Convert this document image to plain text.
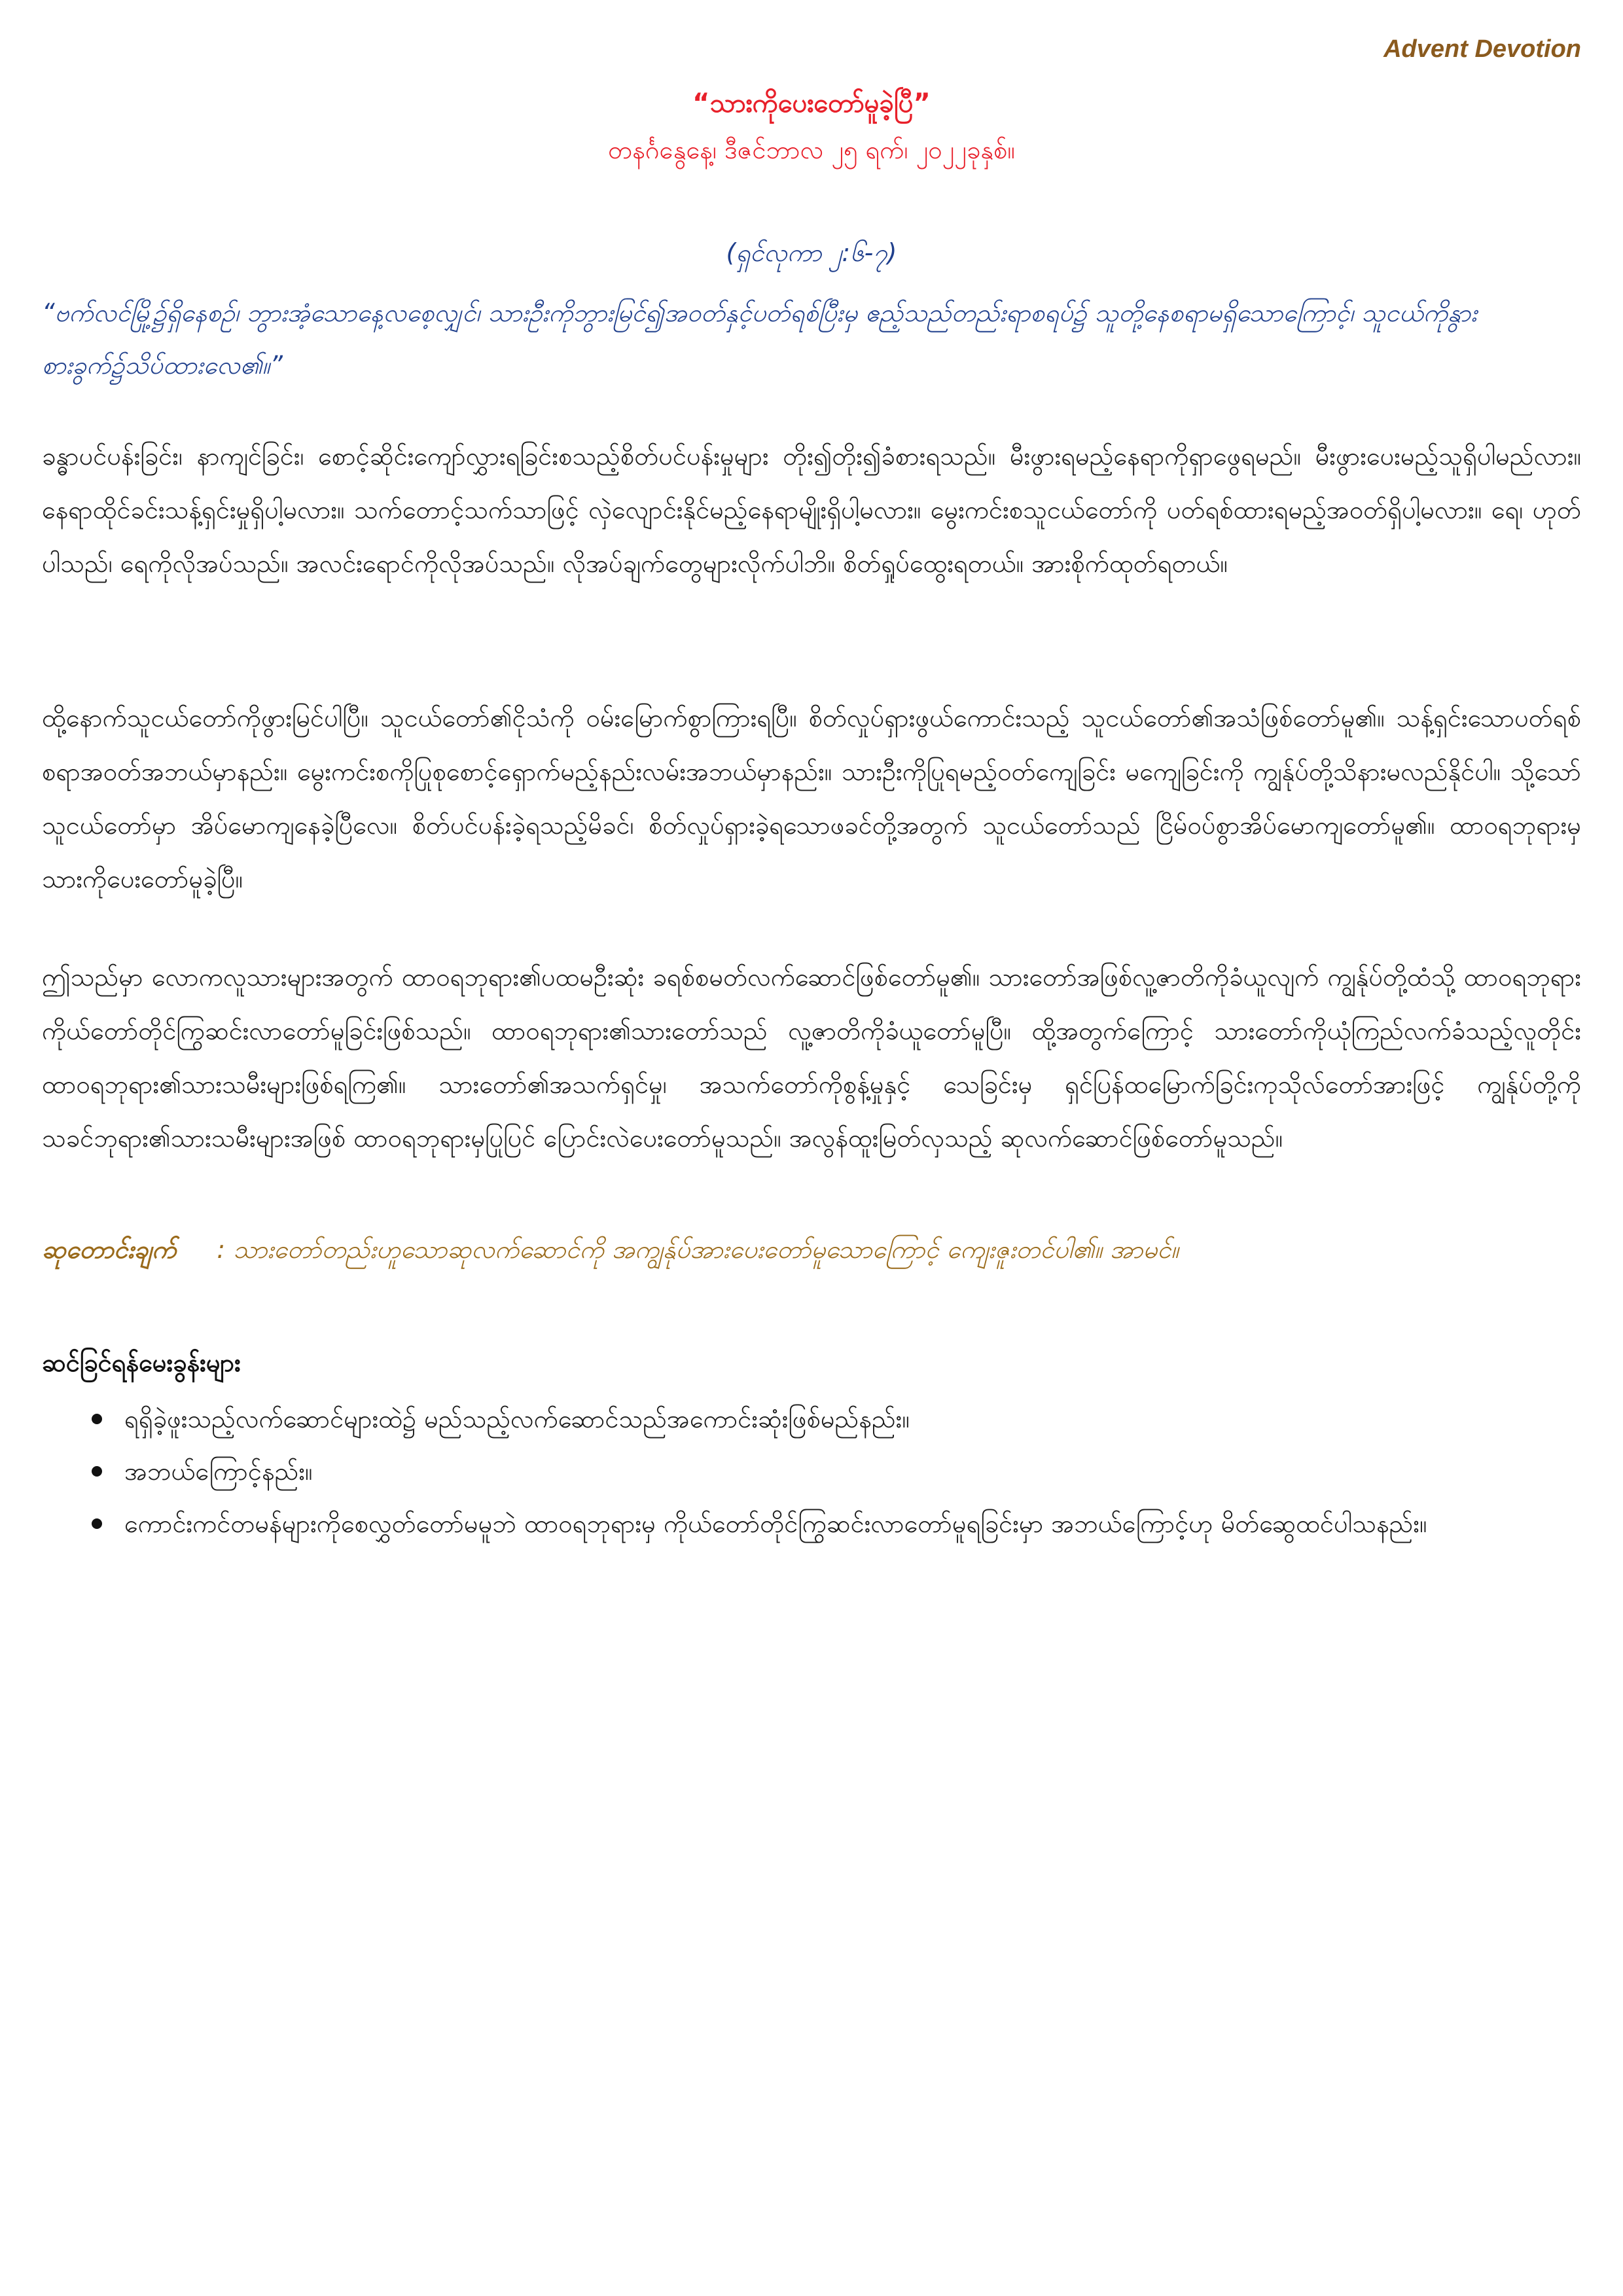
Advent Devotion
“သားကိုပေးတော်မူခဲ့ပြီ”
တနင်္ဂနွေနေ့၊ ဒီဇင်ဘာလ ၂၅ ရက်၊ ၂၀၂၂ခုနှစ်။
(ရှင်လုကာ ၂:၆-၇)
“ဗက်လင်မြို့၌ရှိနေစဉ်၊ ဘွားအံ့သောနေ့လစေ့လျှင်၊ သားဦးကိုဘွားမြင်၍အဝတ်နှင့်ပတ်ရစ်ပြီးမှ ဧည့်သည်တည်းရာစရပ်၌ သူတို့နေစရာမရှိသောကြောင့်၊ သူငယ်ကိုနွားစားခွက်၌သိပ်ထားလေ၏။”
ခန္ဓာပင်ပန်းခြင်း၊ နာကျင်ခြင်း၊ စောင့်ဆိုင်းကျော်လွှားရခြင်းစသည့်စိတ်ပင်ပန်းမှုများ တိုး၍တိုး၍ခံစားရသည်။ မီးဖွားရမည့်နေရာကိုရှာဖွေရမည်။ မီးဖွားပေးမည့်သူရှိပါမည်လား။ နေရာထိုင်ခင်းသန့်ရှင်းမှုရှိပါ့မလား။ သက်တောင့်သက်သာဖြင့် လှဲလျောင်းနိုင်မည့်နေရာမျိုးရှိပါ့မလား။ မွေးကင်းစသူငယ်တော်ကို ပတ်ရစ်ထားရမည့်အဝတ်ရှိပါ့မလား။ ရေ၊ ဟုတ်ပါသည်၊ ရေကိုလိုအပ်သည်။ အလင်းရောင်ကိုလိုအပ်သည်။ လိုအပ်ချက်တွေများလိုက်ပါဘိ။ စိတ်ရှုပ်ထွေးရတယ်။ အားစိုက်ထုတ်ရတယ်။
ထို့နောက်သူငယ်တော်ကိုဖွားမြင်ပါပြီ။ သူငယ်တော်၏ငိုသံကို ဝမ်းမြောက်စွာကြားရပြီ။ စိတ်လှုပ်ရှားဖွယ်ကောင်းသည့် သူငယ်တော်၏အသံဖြစ်တော်မူ၏။ သန့်ရှင်းသောပတ်ရစ်စရာအဝတ်အဘယ်မှာနည်း။ မွေးကင်းစကိုပြုစုစောင့်ရှောက်မည့်နည်းလမ်းအဘယ်မှာနည်း။ သားဦးကိုပြုရမည့်ဝတ်ကျေခြင်း မကျေခြင်းကို ကျွန်ုပ်တို့သိနားမလည်နိုင်ပါ။ သို့သော် သူငယ်တော်မှာ အိပ်မောကျနေခဲ့ပြီလေ။ စိတ်ပင်ပန်းခဲ့ရသည့်မိခင်၊ စိတ်လှုပ်ရှားခဲ့ရသောဖခင်တို့အတွက် သူငယ်တော်သည် ငြိမ်ဝပ်စွာအိပ်မောကျတော်မူ၏။ ထာဝရဘုရားမှ သားကိုပေးတော်မူခဲ့ပြီ။
ဤသည်မှာ လောကလူသားများအတွက် ထာဝရဘုရား၏ပထမဦးဆုံး ခရစ်စမတ်လက်ဆောင်ဖြစ်တော်မူ၏။ သားတော်အဖြစ်လူ့ဇာတိကိုခံယူလျက် ကျွန်ုပ်တို့ထံသို့ ထာဝရဘုရားကိုယ်တော်တိုင်ကြွဆင်းလာတော်မူခြင်းဖြစ်သည်။ ထာဝရဘုရား၏သားတော်သည် လူ့ဇာတိကိုခံယူတော်မူပြီ။ ထို့အတွက်ကြောင့် သားတော်ကိုယုံကြည်လက်ခံသည့်လူတိုင်း ထာဝရဘုရား၏သားသမီးများဖြစ်ရကြ၏။ သားတော်၏အသက်ရှင်မှု၊ အသက်တော်ကိုစွန့်မှုနှင့် သေခြင်းမှ ရှင်ပြန်ထမြောက်ခြင်းကုသိုလ်တော်အားဖြင့် ကျွန်ုပ်တို့ကိုသခင်ဘုရား၏သားသမီးများအဖြစ် ထာဝရဘုရားမှပြုပြင် ပြောင်းလဲပေးတော်မူသည်။ အလွန်ထူးမြတ်လှသည့် ဆုလက်ဆောင်ဖြစ်တော်မူသည်။
ဆုတောင်းချက် : သားတော်တည်းဟူသောဆုလက်ဆောင်ကို အကျွန်ုပ်အားပေးတော်မူသောကြောင့် ကျေးဇူးတင်ပါ၏။ အာမင်။
ဆင်ခြင်ရန်မေးခွန်းများ
ရရှိခဲ့ဖူးသည့်လက်ဆောင်များထဲ၌ မည်သည့်လက်ဆောင်သည်အကောင်းဆုံးဖြစ်မည်နည်း။
အဘယ်ကြောင့်နည်း။
ကောင်းကင်တမန်များကိုစေလွှတ်တော်မမူဘဲ ထာဝရဘုရားမှ ကိုယ်တော်တိုင်ကြွဆင်းလာတော်မူရခြင်းမှာ အဘယ်ကြောင့်ဟု မိတ်ဆွေထင်ပါသနည်း။
